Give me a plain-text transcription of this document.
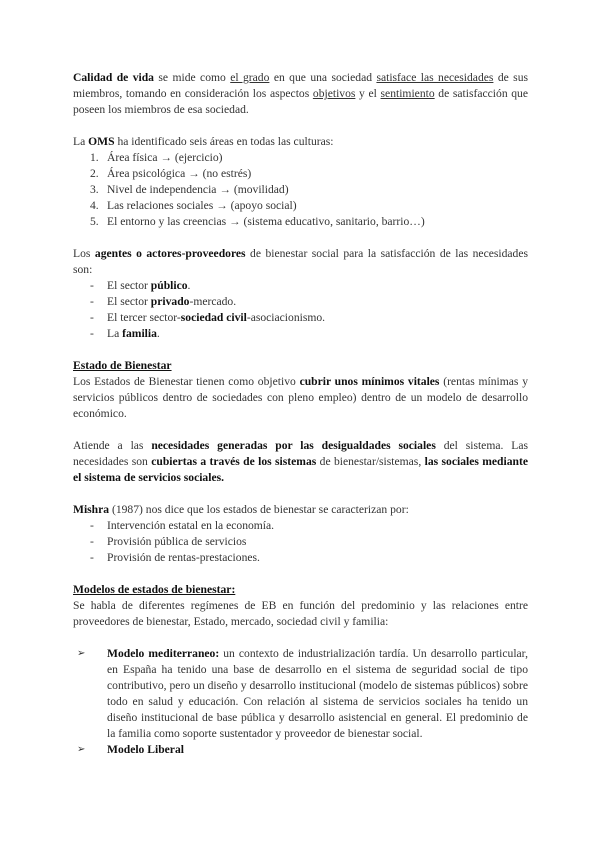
Calidad de vida se mide como el grado en que una sociedad satisface las necesidades de sus miembros, tomando en consideración los aspectos objetivos y el sentimiento de satisfacción que poseen los miembros de esa sociedad.

La OMS ha identificado seis áreas en todas las culturas:

1. Área física → (ejercicio)
2. Área psicológica → (no estrés)
3. Nivel de independencia → (movilidad)
4. Las relaciones sociales → (apoyo social)
5. El entorno y las creencias → (sistema educativo, sanitario, barrio…)

Los agentes o actores-proveedores de bienestar social para la satisfacción de las necesidades son:

- El sector público.
- El sector privado-mercado.
- El tercer sector-sociedad civil-asociacionismo.
- La familia.

Estado de Bienestar

Los Estados de Bienestar tienen como objetivo cubrir unos mínimos vitales (rentas mínimas y servicios públicos dentro de sociedades con pleno empleo) dentro de un modelo de desarrollo económico.

Atiende a las necesidades generadas por las desigualdades sociales del sistema. Las necesidades son cubiertas a través de los sistemas de bienestar/sistemas, las sociales mediante el sistema de servicios sociales.

Mishra (1987) nos dice que los estados de bienestar se caracterizan por:

- Intervención estatal en la economía.
- Provisión pública de servicios
- Provisión de rentas-prestaciones.

Modelos de estados de bienestar:

Se habla de diferentes regímenes de EB en función del predominio y las relaciones entre proveedores de bienestar, Estado, mercado, sociedad civil y familia:

➢ Modelo mediterraneo: un contexto de industrialización tardía. Un desarrollo particular, en España ha tenido una base de desarrollo en el sistema de seguridad social de tipo contributivo, pero un diseño y desarrollo institucional (modelo de sistemas públicos) sobre todo en salud y educación. Con relación al sistema de servicios sociales ha tenido un diseño institucional de base pública y desarrollo asistencial en general. El predominio de la familia como soporte sustentador y proveedor de bienestar social.
➢ Modelo Liberal
